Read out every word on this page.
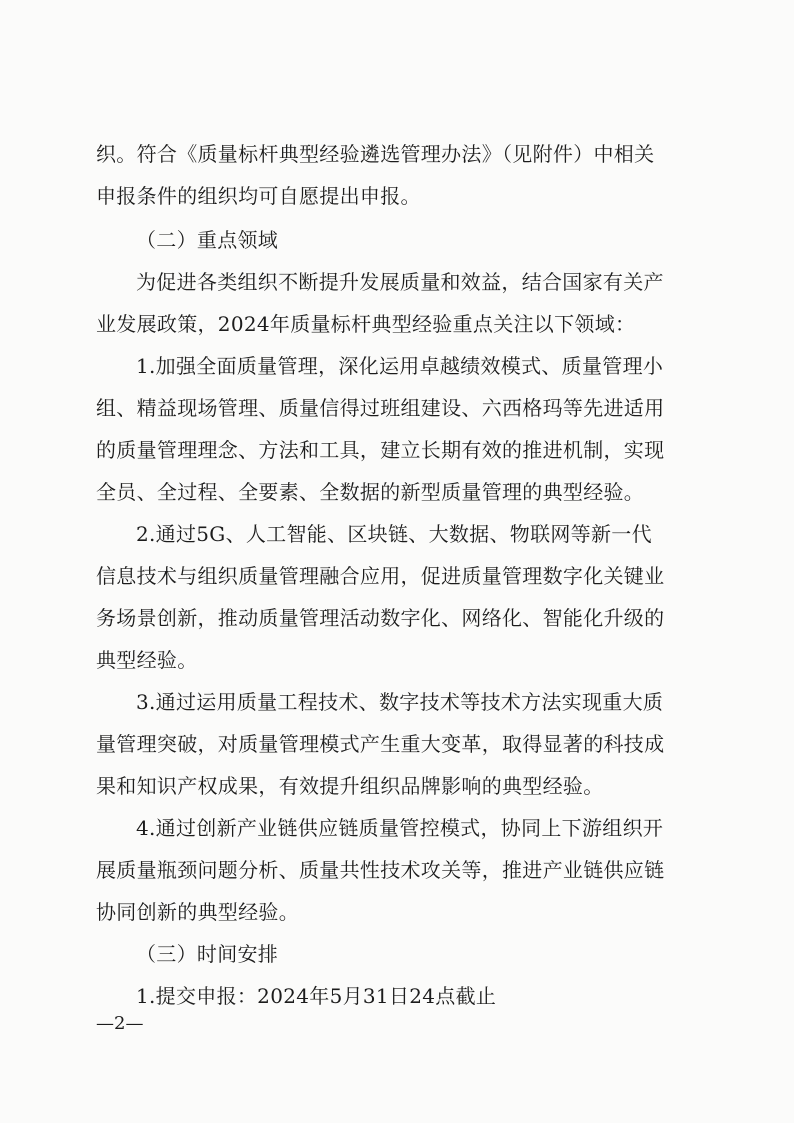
织。符合《质量标杆典型经验遴选管理办法》（见附件）中相关
申报条件的组织均可自愿提出申报。
（二）重点领域
为促进各类组织不断提升发展质量和效益，结合国家有关产
业发展政策，2024年质量标杆典型经验重点关注以下领域：
1.加强全面质量管理，深化运用卓越绩效模式、质量管理小
组、精益现场管理、质量信得过班组建设、六西格玛等先进适用
的质量管理理念、方法和工具，建立长期有效的推进机制，实现
全员、全过程、全要素、全数据的新型质量管理的典型经验。
2.通过5G、人工智能、区块链、大数据、物联网等新一代
信息技术与组织质量管理融合应用，促进质量管理数字化关键业
务场景创新，推动质量管理活动数字化、网络化、智能化升级的
典型经验。
3.通过运用质量工程技术、数字技术等技术方法实现重大质
量管理突破，对质量管理模式产生重大变革，取得显著的科技成
果和知识产权成果，有效提升组织品牌影响的典型经验。
4.通过创新产业链供应链质量管控模式，协同上下游组织开
展质量瓶颈问题分析、质量共性技术攻关等，推进产业链供应链
协同创新的典型经验。
（三）时间安排
1.提交申报：2024年5月31日24点截止
—2—
